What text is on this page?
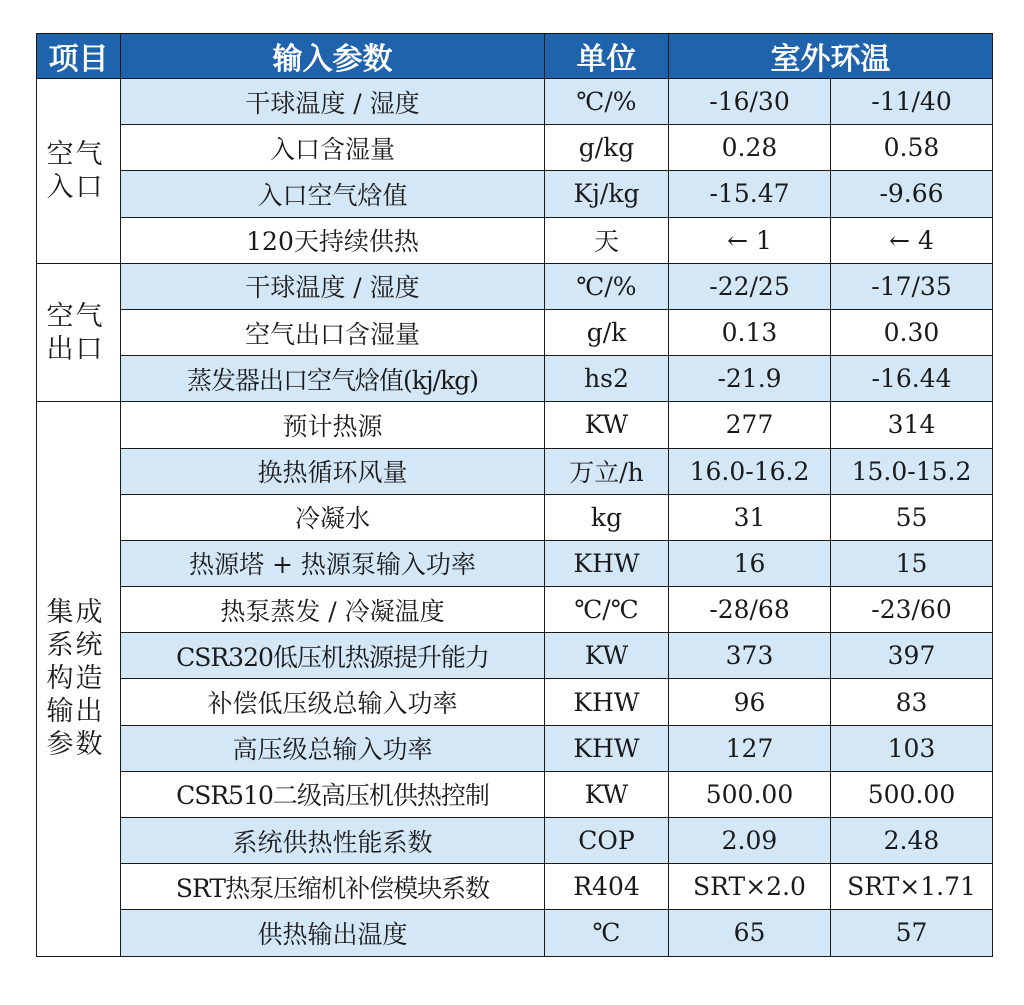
项目	输入参数	单位	室外环温	
空气入口	干球温度 / 湿度	℃/%	-16/30	-11/40
	入口含湿量	g/kg	0.28	0.58
	入口空气焓值	Kj/kg	-15.47	-9.66
	120天持续供热	天	← 1	← 4
空气出口	干球温度 / 湿度	℃/%	-22/25	-17/35
	空气出口含湿量	g/k	0.13	0.30
	蒸发器出口空气焓值(kj/kg)	hs2	-21.9	-16.44
集成系统构造输出参数	预计热源	KW	277	314
	换热循环风量	万立/h	16.0-16.2	15.0-15.2
	冷凝水	kg	31	55
	热源塔 + 热源泵输入功率	KHW	16	15
	热泵蒸发 / 冷凝温度	℃/℃	-28/68	-23/60
	CSR320低压机热源提升能力	KW	373	397
	补偿低压级总输入功率	KHW	96	83
	高压级总输入功率	KHW	127	103
	CSR510二级高压机供热控制	KW	500.00	500.00
	系统供热性能系数	COP	2.09	2.48
	SRT热泵压缩机补偿模块系数	R404	SRT×2.0	SRT×1.71
	供热输出温度	℃	65	57
